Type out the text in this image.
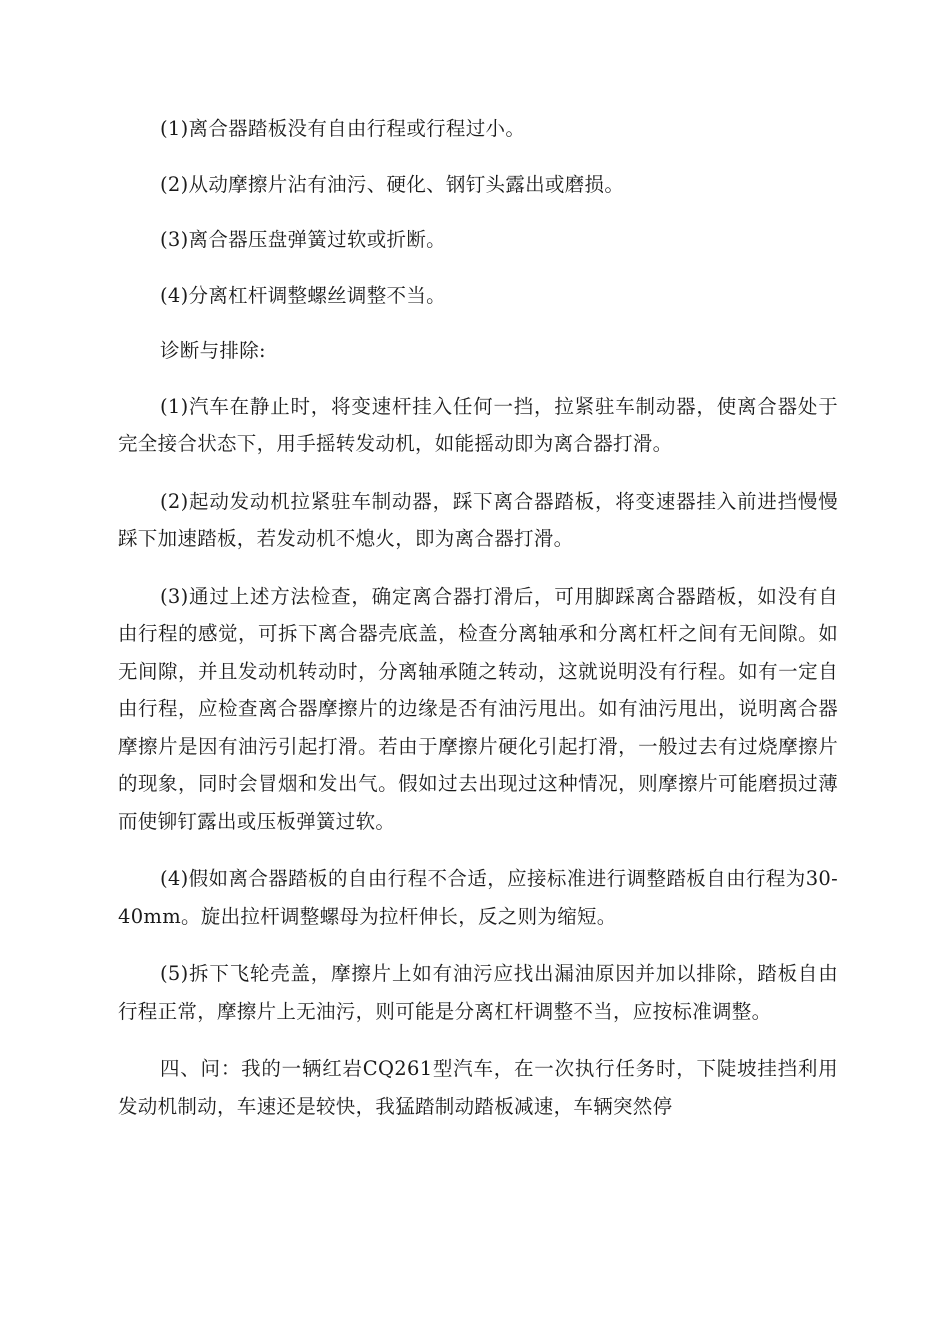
(1)离合器踏板没有自由行程或行程过小。

(2)从动摩擦片沾有油污、硬化、钢钉头露出或磨损。

(3)离合器压盘弹簧过软或折断。

(4)分离杠杆调整螺丝调整不当。

诊断与排除:

(1)汽车在静止时，将变速杆挂入任何一挡，拉紧驻车制动器，使离合器处于完全接合状态下，用手摇转发动机，如能摇动即为离合器打滑。

(2)起动发动机拉紧驻车制动器，踩下离合器踏板，将变速器挂入前进挡慢慢踩下加速踏板，若发动机不熄火，即为离合器打滑。

(3)通过上述方法检查，确定离合器打滑后，可用脚踩离合器踏板，如没有自由行程的感觉，可拆下离合器壳底盖，检查分离轴承和分离杠杆之间有无间隙。如无间隙，并且发动机转动时，分离轴承随之转动，这就说明没有行程。如有一定自由行程，应检查离合器摩擦片的边缘是否有油污甩出。如有油污甩出，说明离合器摩擦片是因有油污引起打滑。若由于摩擦片硬化引起打滑，一般过去有过烧摩擦片的现象，同时会冒烟和发出气。假如过去出现过这种情况，则摩擦片可能磨损过薄而使铆钉露出或压板弹簧过软。

(4)假如离合器踏板的自由行程不合适，应接标准进行调整踏板自由行程为30-40mm。旋出拉杆调整螺母为拉杆伸长，反之则为缩短。

(5)拆下飞轮壳盖，摩擦片上如有油污应找出漏油原因并加以排除，踏板自由行程正常，摩擦片上无油污，则可能是分离杠杆调整不当，应按标准调整。

四、问：我的一辆红岩CQ261型汽车，在一次执行任务时，下陡坡挂挡利用发动机制动，车速还是较快，我猛踏制动踏板减速，车辆突然停
